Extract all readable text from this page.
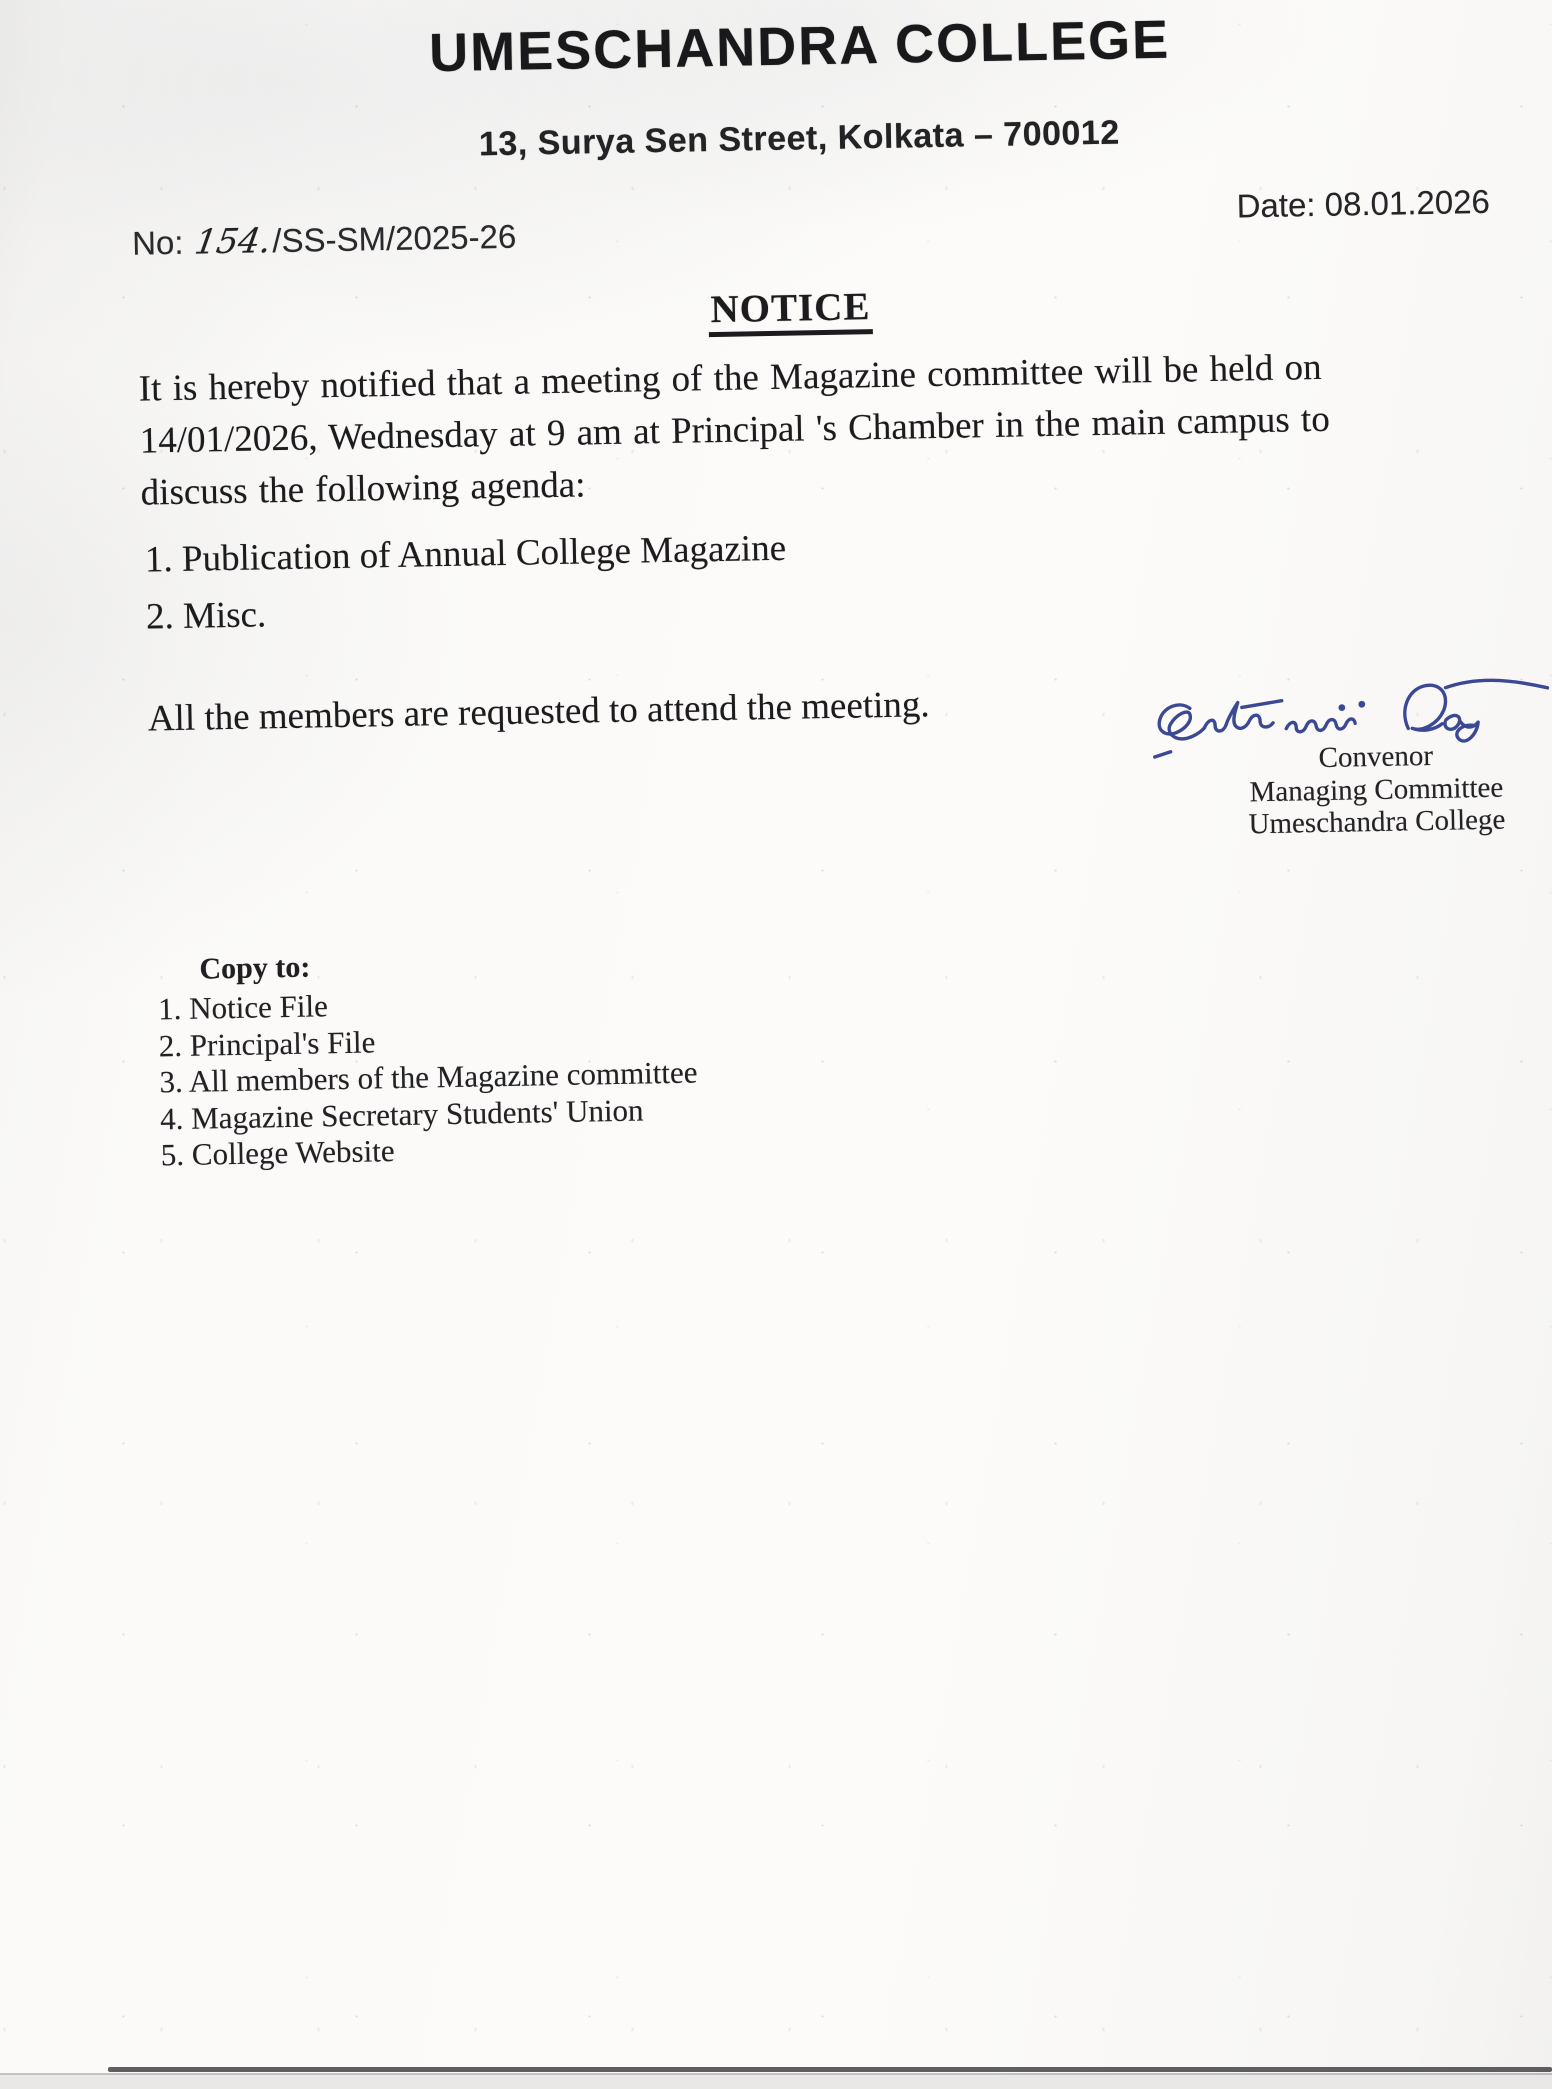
UMESCHANDRA COLLEGE
13, Surya Sen Street, Kolkata – 700012
No: 154./SS-SM/2025-26
Date: 08.01.2026
NOTICE
It is hereby notified that a meeting of the Magazine committee will be held on
14/01/2026, Wednesday at 9 am at Principal 's Chamber in the main campus to
discuss the following agenda:
1. Publication of Annual College Magazine
2. Misc.
All the members are requested to attend the meeting.
Convenor
Managing Committee
Umeschandra College
Copy to:
1. Notice File
2. Principal's File
3. All members of the Magazine committee
4. Magazine Secretary Students' Union
5. College Website
